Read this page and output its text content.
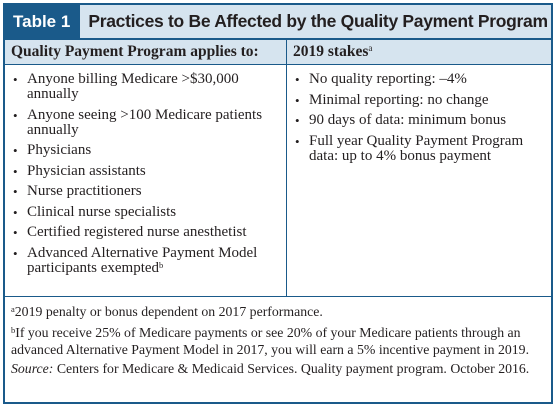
Table 1	Practices to Be Affected by the Quality Payment Program
Quality Payment Program applies to:
• Anyone billing Medicare >$30,000 annually
• Anyone seeing >100 Medicare patients annually
• Physicians
• Physician assistants
• Nurse practitioners
• Clinical nurse specialists
• Certified registered nurse anesthetist
• Advanced Alternative Payment Model participants exempted$^b$
2019 stakes$^a$
• No quality reporting: –4%
• Minimal reporting: no change
• 90 days of data: minimum bonus
• Full year Quality Payment Program data: up to 4% bonus payment

$^a$2019 penalty or bonus dependent on 2017 performance.

$^b$If you receive 25% of Medicare payments or see 20% of your Medicare patients through an advanced Alternative Payment Model in 2017, you will earn a 5% incentive payment in 2019.

Source: Centers for Medicare & Medicaid Services. Quality payment program. October 2016.
